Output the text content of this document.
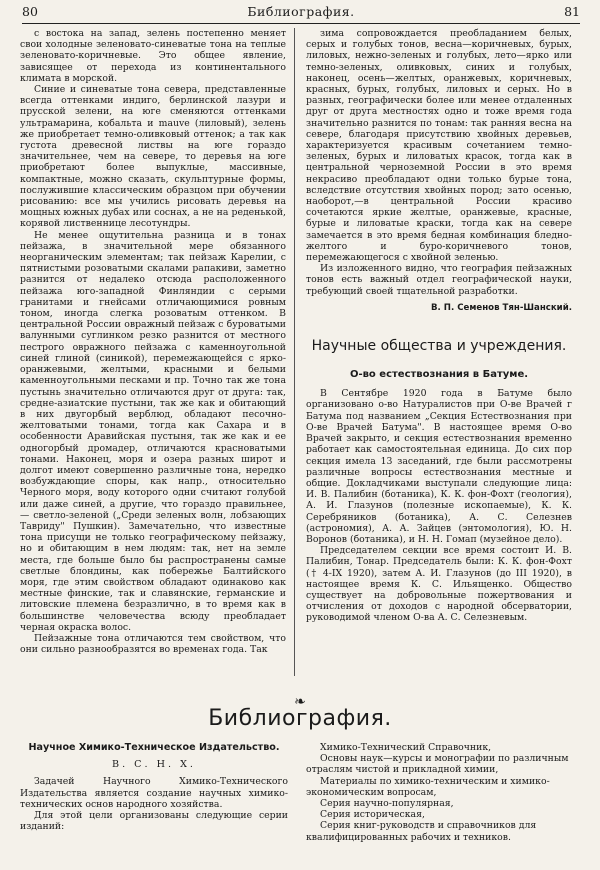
80	Библиография.	81

с востока на запад, зелень постепенно меняет свои холодные зеленовато-синеватые тона на теплые зеленовато-коричневые. Это общее явление, зависящее от перехода из континентального климата в морской.

Синие и синеватые тона севера, представленные всегда оттенками индиго, берлинской лазури и прусской зелени, на юге сменяются оттенками ультрамарина, кобальта и mauve (лиловый), зелень же приобретает темно-оливковый оттенок; а так как густота древесной листвы на юге гораздо значительнее, чем на севере, то деревья на юге приобретают более выпуклые, массивные, компактные, можно сказать, скульптурные формы, послужившие классическим образцом при обучении рисованию: все мы учились рисовать деревья на мощных южных дубах или соснах, а не на реденькой, корявой лиственнице лесотундры.

Не менее ощутительна разница и в тонах пейзажа, в значительной мере обязанного неорганическим элементам; так пейзаж Карелии, с пятнистыми розоватыми скалами рапакиви, заметно разнится от недалеко отсюда расположенного пейзажа юго-западной Финляндии с серыми гранитами и гнейсами отличающимися ровным тоном, иногда слегка розоватым оттенком. В центральной России овражный пейзаж с буроватыми валунными суглинком резко разнится от местного пестрого овражного пейзажа с каменноугольной синей глиной (синикой), перемежающейся с ярко-оранжевыми, желтыми, красными и белыми каменноугольными песками и пр. Точно так же тона пустынь значительно отличаются друг от друга: так, средне-азиатские пустыни, так же как и обитающий в них двугорбый верблюд, обладают песочно-желтоватыми тонами, тогда как Сахара и в особенности Аравийская пустыня, так же как и ее одногорбый дромадер, отличаются красноватыми тонами. Наконец, моря и озера разных широт и долгот имеют совершенно различные тона, нередко возбуждающие споры, как напр., относительно Черного моря, воду которого одни считают голубой или даже синей, а другие, что гораздо правильнее, — светло-зеленой („Среди зеленых волн, лобзающих Тавриду" Пушкин). Замечательно, что известные тона присущи не только географическому пейзажу, но и обитающим в нем людям: так, нет на земле места, где больше было бы распространены самые светлые блондины, как побережье Балтийского моря, где этим свойством обладают одинаково как местные финские, так и славянские, германские и литовские племена безразлично, в то время как в большинстве человечества всюду преобладает черная окраска волос.

Пейзажные тона отличаются тем свойством, что они сильно разнообразятся во временах года. Так

зима сопровождается преобладанием белых, серых и голубых тонов, весна—коричневых, бурых, лиловых, нежно-зеленых и голубых, лето—ярко или темно-зеленых, оливковых, синих и голубых, наконец, осень—желтых, оранжевых, коричневых, красных, бурых, голубых, лиловых и серых. Но в разных, географически более или менее отдаленных друг от друга местностях одно и тоже время года значительно разнится по тонам: так ранняя весна на севере, благодаря присутствию хвойных деревьев, характеризуется красивым сочетанием темно-зеленых, бурых и лиловатых красок, тогда как в центральной черноземной России в это время некрасиво преобладают одни только бурые тона, вследствие отсутствия хвойных пород; зато осенью, наоборот,—в центральной России красиво сочетаются яркие желтые, оранжевые, красные, бурые и лиловатые краски, тогда как на севере замечается в это время бедная комбинация бледно-желтого и буро-коричневого тонов, перемежающегося с хвойной зеленью.

Из изложенного видно, что география пейзажных тонов есть важный отдел географической науки, требующий своей тщательной разработки.

В. П. Семенов Тян-Шанский.
Научные общества и учреждения.
О-во естествознания в Батуме.

В Сентябре 1920 года в Батуме было организовано о-во Натуралистов при О-ве Врачей г Батума под названием „Секция Естествознания при О-ве Врачей Батума". В настоящее время О-во Врачей закрыто, и секция естествознания временно работает как самостоятельная единица. До сих пор секция имела 13 заседаний, где были рассмотрены различные вопросы естествознания местные и общие. Докладчиками выступали следующие лица: И. В. Палибин (ботаника), К. К. фон-Фохт (геология), А. И. Глазунов (полезные ископаемые), К. К. Серебряников (ботаника), А. С. Селезнев (астрономия), А. А. Зайцев (энтомология), Ю. Н. Воронов (ботаника), и Н. Н. Гомап (музейное дело).

Председателем секции все время состоит И. В. Палибин, Тонар. Председатель были: К. К. фон-Фохт († 4-IX 1920), затем А. И. Глазунов (до III 1920), в настоящее время К. С. Ильященко. Общество существует на добровольные пожертвования и отчисления от доходов с народной обсерватории, руководимой членом О-ва А. С. Селезневым.

❧
Библиография.
Научное Химико-Техническое Издательство.
В. С. Н. Х.

Задачей Научного Химико-Технического Издательства является создание научных химико-технических основ народного хозяйства.

Для этой цели организованы следующие серии изданий:

Химико-Технический Справочник,

Основы наук—курсы и монографии по различным отраслям чистой и прикладной химии,

Материалы по химико-техническим и химико-экономическим вопросам,

Серия научно-популярная,

Серия историческая,

Серия книг-руководств и справочников для квалифицированных рабочих и техников.
